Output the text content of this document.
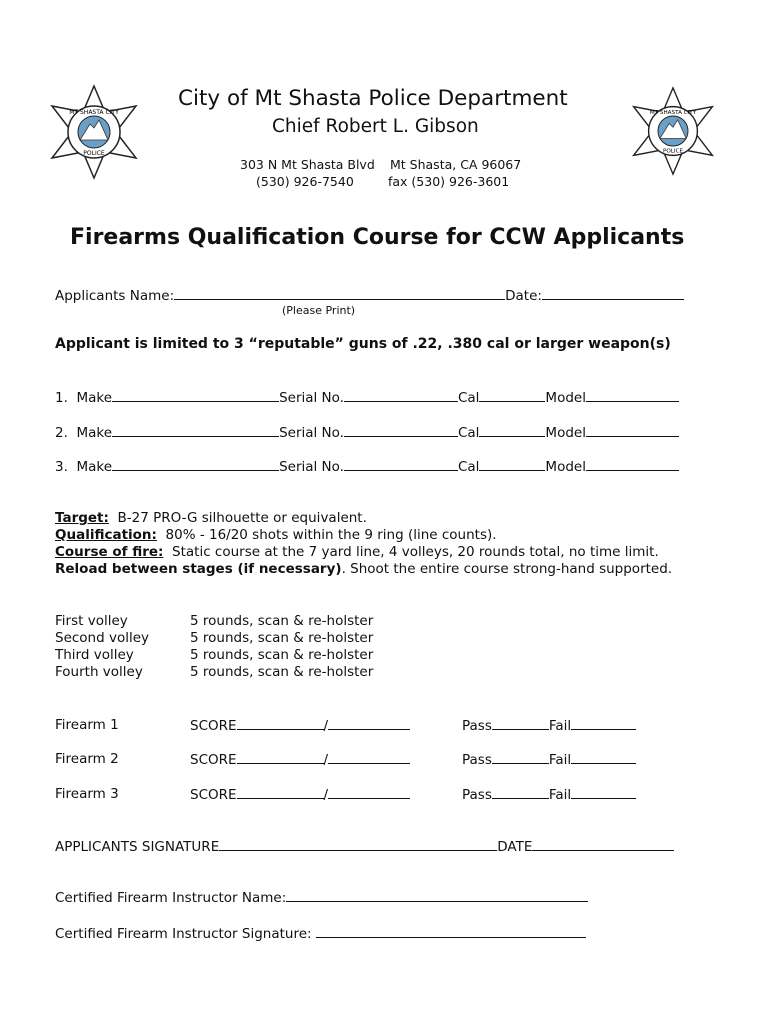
MT SHASTA CITY
POLICE
MT SHASTA CITY
POLICE
City of Mt Shasta Police Department
Chief Robert L. Gibson
303 N Mt Shasta Blvd Mt Shasta, CA 96067
(530) 926-7540	fax (530) 926-3601
Firearms Qualification Course for CCW Applicants
Applicants Name:	Date:
(Please Print)
Applicant is limited to 3 “reputable” guns of .22, .380 cal or larger weapon(s)
1. Make	Serial No.	Cal	Model
2. Make	Serial No.	Cal	Model
3. Make	Serial No.	Cal	Model
Target: B-27 PRO-G silhouette or equivalent.
Qualification: 80% - 16/20 shots within the 9 ring (line counts).
Course of fire: Static course at the 7 yard line, 4 volleys, 20 rounds total, no time limit.
Reload between stages (if necessary). Shoot the entire course strong-hand supported.
First volley	5 rounds, scan & re-holster
Second volley	5 rounds, scan & re-holster
Third volley	5 rounds, scan & re-holster
Fourth volley	5 rounds, scan & re-holster
Firearm 1	SCORE	/	Pass	Fail
Firearm 2	SCORE	/	Pass	Fail
Firearm 3	SCORE	/	Pass	Fail
APPLICANTS SIGNATURE	DATE
Certified Firearm Instructor Name:
Certified Firearm Instructor Signature:
